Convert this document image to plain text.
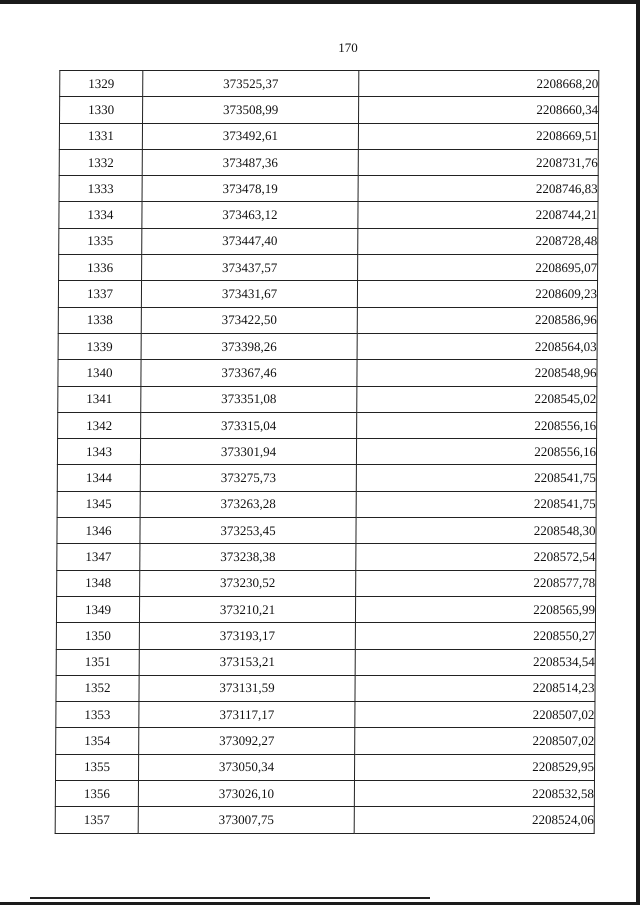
170
1329	373525,37	2208668,20
1330	373508,99	2208660,34
1331	373492,61	2208669,51
1332	373487,36	2208731,76
1333	373478,19	2208746,83
1334	373463,12	2208744,21
1335	373447,40	2208728,48
1336	373437,57	2208695,07
1337	373431,67	2208609,23
1338	373422,50	2208586,96
1339	373398,26	2208564,03
1340	373367,46	2208548,96
1341	373351,08	2208545,02
1342	373315,04	2208556,16
1343	373301,94	2208556,16
1344	373275,73	2208541,75
1345	373263,28	2208541,75
1346	373253,45	2208548,30
1347	373238,38	2208572,54
1348	373230,52	2208577,78
1349	373210,21	2208565,99
1350	373193,17	2208550,27
1351	373153,21	2208534,54
1352	373131,59	2208514,23
1353	373117,17	2208507,02
1354	373092,27	2208507,02
1355	373050,34	2208529,95
1356	373026,10	2208532,58
1357	373007,75	2208524,06
